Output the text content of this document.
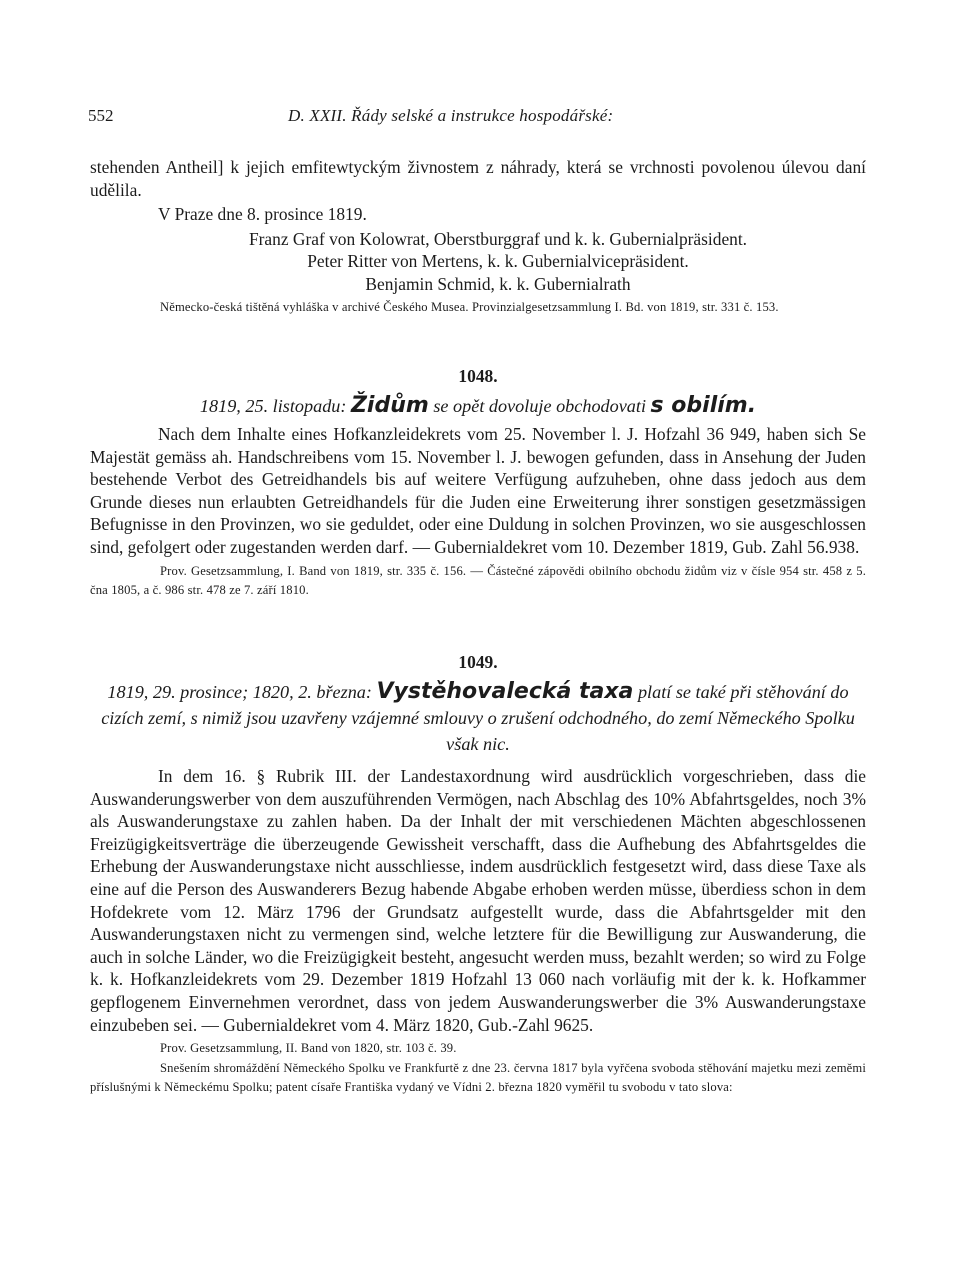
552	D. XXII. Řády selské a instrukce hospodářské:

stehenden Antheil] k jejich emfitewtyckým živnostem z náhrady, která se vrchnosti povolenou úlevou daní udělila.

V Praze dne 8. prosince 1819.

Franz Graf von Kolowrat, Oberstburggraf und k. k. Gubernialpräsident.

Peter Ritter von Mertens, k. k. Gubernialvicepräsident.

Benjamin Schmid, k. k. Gubernialrath

Německo-česká tištěná vyhláška v archivé Českého Musea. Provinzialgesetzsammlung I. Bd. von 1819, str. 331 č. 153.

1048.

1819, 25. listopadu: Židům se opět dovoluje obchodovati s obilím.

Nach dem Inhalte eines Hofkanzleidekrets vom 25. November l. J. Hofzahl 36 949, haben sich Se Majestät gemäss ah. Handschreibens vom 15. November l. J. bewogen gefunden, dass in Ansehung der Juden bestehende Verbot des Getreidhandels bis auf weitere Verfügung aufzuheben, ohne dass jedoch aus dem Grunde dieses nun erlaubten Getreidhandels für die Juden eine Erweiterung ihrer sonstigen gesetzmässigen Befugnisse in den Provinzen, wo sie geduldet, oder eine Duldung in solchen Provinzen, wo sie ausgeschlossen sind, gefolgert oder zugestanden werden darf. — Gubernialdekret vom 10. Dezember 1819, Gub. Zahl 56.938.

Prov. Gesetzsammlung, I. Band von 1819, str. 335 č. 156. — Částečné zápovědi obilního obchodu židům viz v čísle 954 str. 458 z 5. čna 1805, a č. 986 str. 478 ze 7. září 1810.

1049.

1819, 29. prosince; 1820, 2. března: Vystěhovalecká taxa platí se také při stěhování do cizích zemí, s nimiž jsou uzavřeny vzájemné smlouvy o zrušení odchodného, do zemí Německého Spolku však nic.

In dem 16. § Rubrik III. der Landestaxordnung wird ausdrücklich vorgeschrieben, dass die Auswanderungswerber von dem auszuführenden Vermögen, nach Abschlag des 10% Abfahrtsgeldes, noch 3% als Auswanderungstaxe zu zahlen haben. Da der Inhalt der mit verschiedenen Mächten abgeschlossenen Freizügigkeitsverträge die überzeugende Gewissheit verschafft, dass die Aufhebung des Abfahrtsgeldes die Erhebung der Auswanderungstaxe nicht ausschliesse, indem ausdrücklich festgesetzt wird, dass diese Taxe als eine auf die Person des Auswanderers Bezug habende Abgabe erhoben werden müsse, überdiess schon in dem Hofdekrete vom 12. März 1796 der Grundsatz aufgestellt wurde, dass die Abfahrtsgelder mit den Auswanderungstaxen nicht zu vermengen sind, welche letztere für die Bewilligung zur Auswanderung, die auch in solche Länder, wo die Freizügigkeit besteht, angesucht werden muss, bezahlt werden; so wird zu Folge k. k. Hofkanzleidekrets vom 29. Dezember 1819 Hofzahl 13 060 nach vorläufig mit der k. k. Hofkammer gepflogenem Einvernehmen verordnet, dass von jedem Auswanderungswerber die 3% Auswanderungstaxe einzubeben sei. — Gubernialdekret vom 4. März 1820, Gub.-Zahl 9625.

Prov. Gesetzsammlung, II. Band von 1820, str. 103 č. 39.

Snešením shromáždění Německého Spolku ve Frankfurtě z dne 23. června 1817 byla vyřčena svoboda stěhování majetku mezi zeměmi příslušnými k Německému Spolku; patent císaře Františka vydaný ve Vídni 2. března 1820 vyměřil tu svobodu v tato slova:
